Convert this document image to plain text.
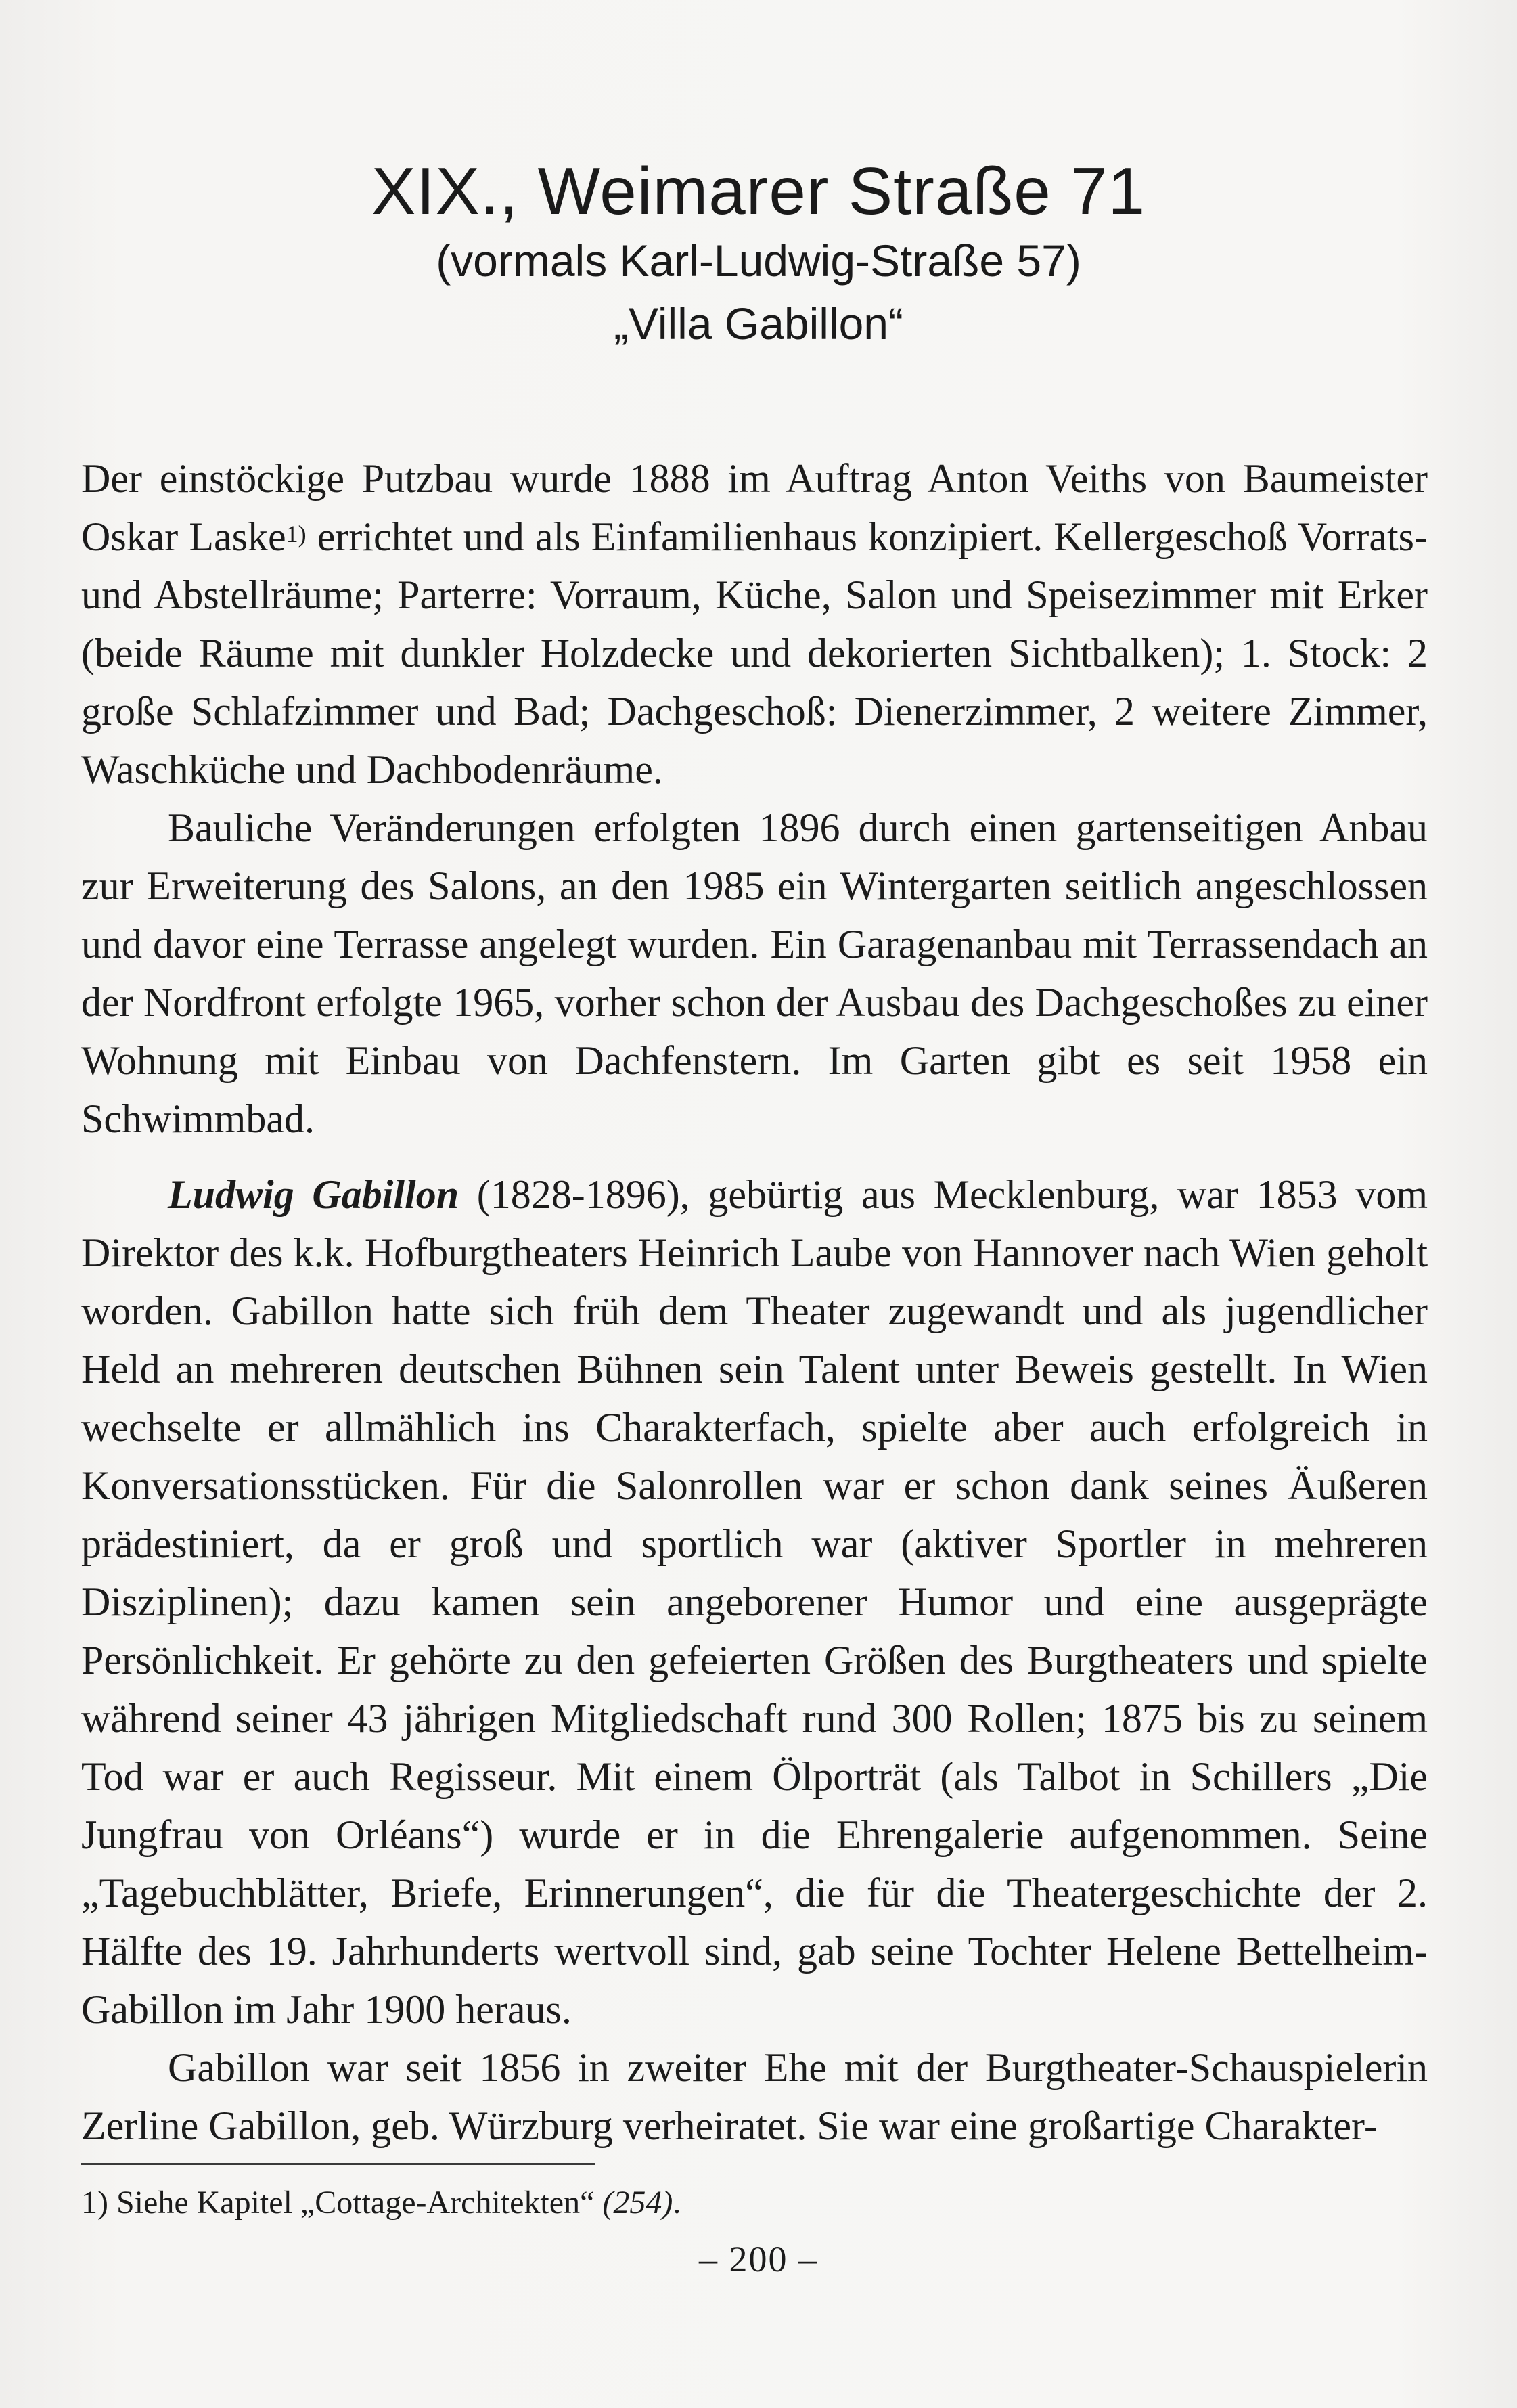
XIX., Weimarer Straße 71
(vormals Karl-Ludwig-Straße 57)
„Villa Gabillon“

Der einstöckige Putzbau wurde 1888 im Auftrag Anton Veiths von Baumeister Oskar Laske$^{1)}$ errichtet und als Einfamilienhaus konzipiert. Kellergeschoß Vorrats- und Abstellräume; Parterre: Vorraum, Küche, Salon und Speisezimmer mit Erker (beide Räume mit dunkler Holzdecke und dekorierten Sichtbalken); 1. Stock: 2 große Schlafzimmer und Bad; Dachgeschoß: Dienerzimmer, 2 weitere Zimmer, Waschküche und Dachbodenräume.

Bauliche Veränderungen erfolgten 1896 durch einen gartenseitigen Anbau zur Erweiterung des Salons, an den 1985 ein Wintergarten seitlich angeschlossen und davor eine Terrasse angelegt wurden. Ein Garagenanbau mit Terrassendach an der Nordfront erfolgte 1965, vorher schon der Ausbau des Dachgeschoßes zu einer Wohnung mit Einbau von Dachfenstern. Im Garten gibt es seit 1958 ein Schwimmbad.

Ludwig Gabillon (1828-1896), gebürtig aus Mecklenburg, war 1853 vom Direktor des k.k. Hofburgtheaters Heinrich Laube von Hannover nach Wien geholt worden. Gabillon hatte sich früh dem Theater zugewandt und als jugendlicher Held an mehreren deutschen Bühnen sein Talent unter Beweis gestellt. In Wien wechselte er allmählich ins Charakterfach, spielte aber auch erfolgreich in Konversationsstücken. Für die Salonrollen war er schon dank seines Äußeren prädestiniert, da er groß und sportlich war (aktiver Sportler in mehreren Disziplinen); dazu kamen sein angeborener Humor und eine ausgeprägte Persönlichkeit. Er gehörte zu den gefeierten Größen des Burgtheaters und spielte während seiner 43 jährigen Mitgliedschaft rund 300 Rollen; 1875 bis zu seinem Tod war er auch Regisseur. Mit einem Ölporträt (als Talbot in Schillers „Die Jungfrau von Orléans“) wurde er in die Ehrengalerie aufgenommen. Seine „Tagebuchblätter, Briefe, Erinnerungen“, die für die Theatergeschichte der 2. Hälfte des 19. Jahrhunderts wertvoll sind, gab seine Tochter Helene Bettelheim-Gabillon im Jahr 1900 heraus.

Gabillon war seit 1856 in zweiter Ehe mit der Burgtheater-Schauspielerin Zerline Gabillon, geb. Würzburg verheiratet. Sie war eine großartige Charakter-

1) Siehe Kapitel „Cottage-Architekten“ (254).
– 200 –
